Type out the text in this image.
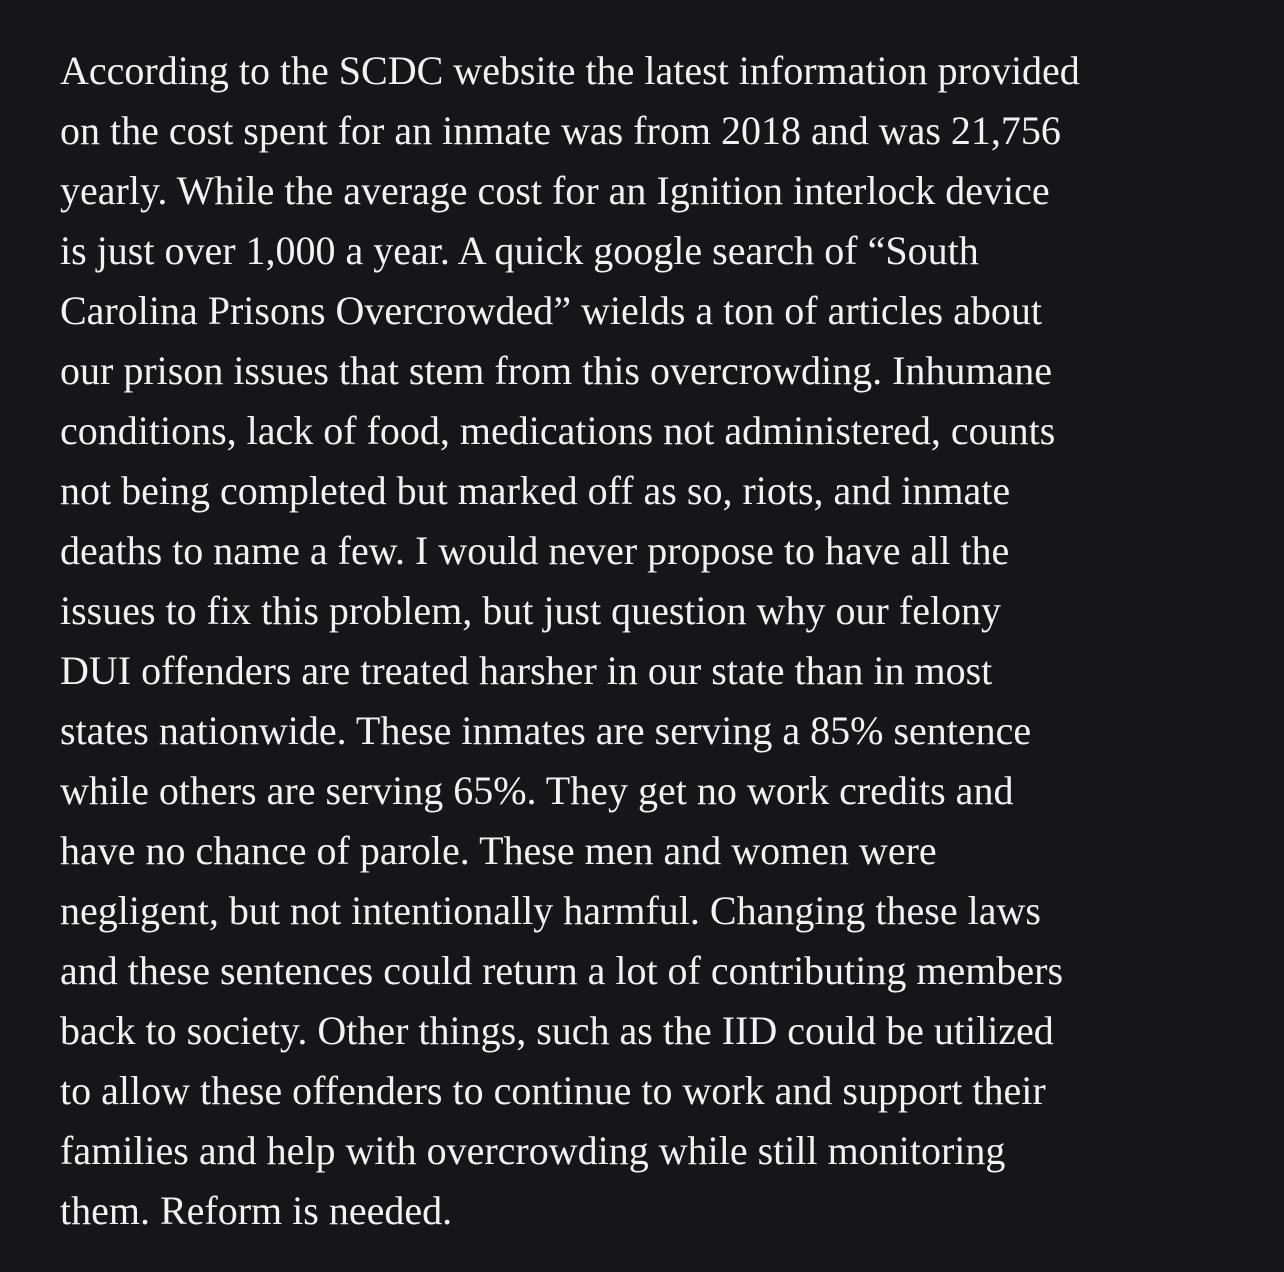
According to the SCDC website the latest information provided
on the cost spent for an inmate was from 2018 and was 21,756
yearly. While the average cost for an Ignition interlock device
is just over 1,000 a year. A quick google search of “South
Carolina Prisons Overcrowded” wields a ton of articles about
our prison issues that stem from this overcrowding. Inhumane
conditions, lack of food, medications not administered, counts
not being completed but marked off as so, riots, and inmate
deaths to name a few. I would never propose to have all the
issues to fix this problem, but just question why our felony
DUI offenders are treated harsher in our state than in most
states nationwide. These inmates are serving a 85% sentence
while others are serving 65%. They get no work credits and
have no chance of parole. These men and women were
negligent, but not intentionally harmful. Changing these laws
and these sentences could return a lot of contributing members
back to society. Other things, such as the IID could be utilized
to allow these offenders to continue to work and support their
families and help with overcrowding while still monitoring
them. Reform is needed.
